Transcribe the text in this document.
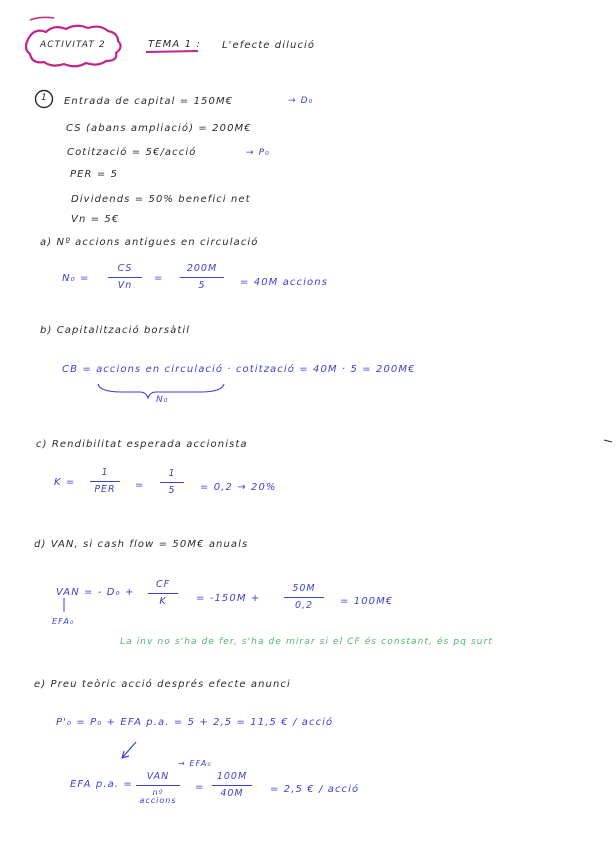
ACTIVITAT 2	TEMA 1 : L'efecte dilució
1 Entrada de capital = 150M€	→ D₀
CS (abans ampliació) = 200M€
Cotització = 5€/acció	→ P₀
PER = 5
Dividends = 50% benefici net
Vn = 5€
a) Nº accions antigues en circulació
N₀ =
CS
Vn
=
200M
5	= 40M accions
b) Capitalització borsàtil
CB = accions en circulació · cotització = 40M · 5 = 200M€
N₀
c) Rendibilitat esperada accionista
K =
1
PER	=
1
5	= 0,2 → 20%
d) VAN, si cash flow = 50M€ anuals
VAN = - D₀ +
CF
K	= -150M +
50M
0,2	= 100M€
EFA₀
La inv no s'ha de fer, s'ha de mirar si el CF és constant, és pq surt
e) Preu teòric acció després efecte anunci
P'₀ = P₀ + EFA p.a. = 5 + 2,5 = 11,5 € / acció
→ EFA₀
EFA p.a. =
VAN
nº accions
=
100M
40M	= 2,5 € / acció
